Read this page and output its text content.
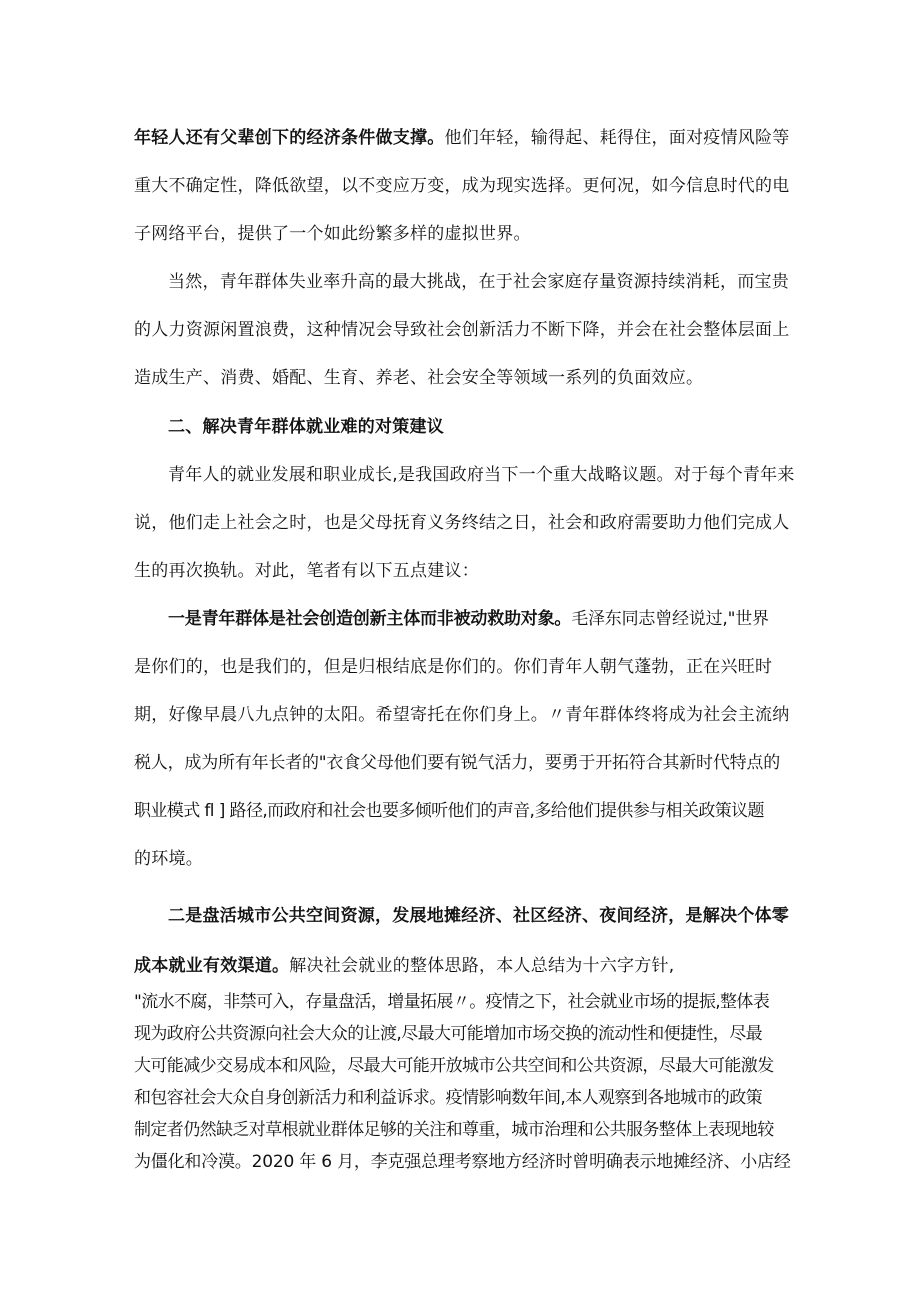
年轻人还有父辈创下的经济条件做支撑。他们年轻，输得起、耗得住，面对疫情风险等
重大不确定性，降低欲望，以不变应万变，成为现实选择。更何况，如今信息时代的电
子网络平台，提供了一个如此纷繁多样的虚拟世界。
当然，青年群体失业率升高的最大挑战，在于社会家庭存量资源持续消耗，而宝贵
的人力资源闲置浪费，这种情况会导致社会创新活力不断下降，并会在社会整体层面上
造成生产、消费、婚配、生育、养老、社会安全等领域一系列的负面效应。
二、解决青年群体就业难的对策建议
青年人的就业发展和职业成长,是我国政府当下一个重大战略议题。对于每个青年来
说，他们走上社会之时，也是父母抚育义务终结之日，社会和政府需要助力他们完成人
生的再次换轨。对此，笔者有以下五点建议：
一是青年群体是社会创造创新主体而非被动救助对象。毛泽东同志曾经说过,"世界
是你们的，也是我们的，但是归根结底是你们的。你们青年人朝气蓬勃，正在兴旺时
期，好像早晨八九点钟的太阳。希望寄托在你们身上。〃青年群体终将成为社会主流纳
税人，成为所有年长者的"衣食父母他们要有锐气活力，要勇于开拓符合其新时代特点的
职业模式 fl ] 路径,而政府和社会也要多倾听他们的声音,多给他们提供参与相关政策议题
的环境。
二是盘活城市公共空间资源，发展地摊经济、社区经济、夜间经济，是解决个体零
成本就业有效渠道。解决社会就业的整体思路，本人总结为十六字方针,
"流水不腐，非禁可入，存量盘活，增量拓展〃。疫情之下，社会就业市场的提振,整体表
现为政府公共资源向社会大众的让渡,尽最大可能增加市场交换的流动性和便捷性，尽最
大可能减少交易成本和风险，尽最大可能开放城市公共空间和公共资源，尽最大可能激发
和包容社会大众自身创新活力和利益诉求。疫情影响数年间,本人观察到各地城市的政策
制定者仍然缺乏对草根就业群体足够的关注和尊重，城市治理和公共服务整体上表现地较
为僵化和冷漠。2020 年 6 月，李克强总理考察地方经济时曾明确表示地摊经济、小店经
